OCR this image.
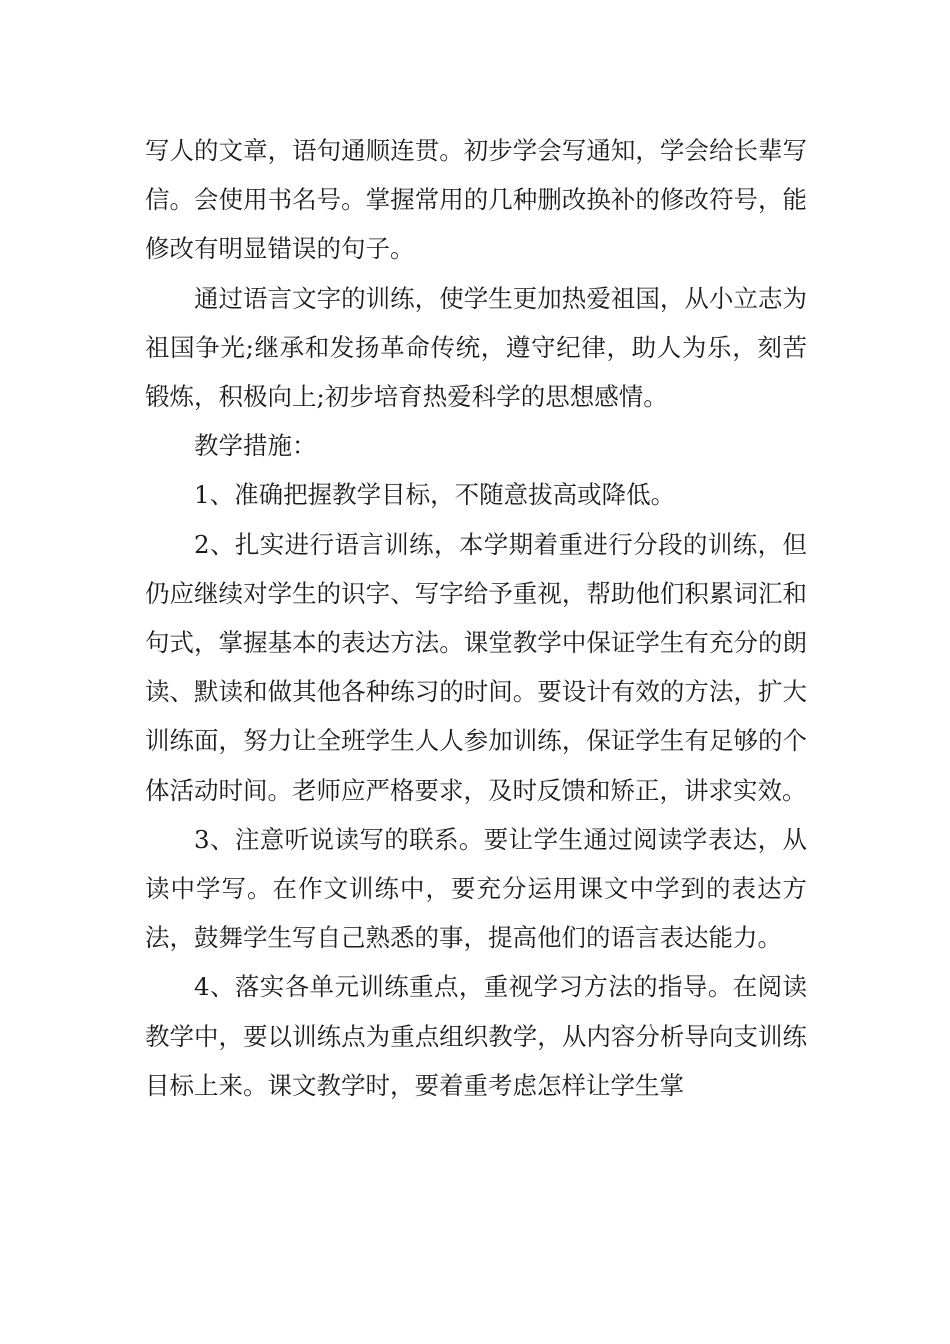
写人的文章，语句通顺连贯。初步学会写通知，学会给长辈写信。会使用书名号。掌握常用的几种删改换补的修改符号，能修改有明显错误的句子。

通过语言文字的训练，使学生更加热爱祖国，从小立志为祖国争光;继承和发扬革命传统，遵守纪律，助人为乐，刻苦锻炼，积极向上;初步培育热爱科学的思想感情。

教学措施：

1、准确把握教学目标，不随意拔高或降低。

2、扎实进行语言训练，本学期着重进行分段的训练，但仍应继续对学生的识字、写字给予重视，帮助他们积累词汇和句式，掌握基本的表达方法。课堂教学中保证学生有充分的朗读、默读和做其他各种练习的时间。要设计有效的方法，扩大训练面，努力让全班学生人人参加训练，保证学生有足够的个体活动时间。老师应严格要求，及时反馈和矫正，讲求实效。

3、注意听说读写的联系。要让学生通过阅读学表达，从读中学写。在作文训练中，要充分运用课文中学到的表达方法，鼓舞学生写自己熟悉的事，提高他们的语言表达能力。

4、落实各单元训练重点，重视学习方法的指导。在阅读教学中，要以训练点为重点组织教学，从内容分析导向支训练目标上来。课文教学时，要着重考虑怎样让学生掌
